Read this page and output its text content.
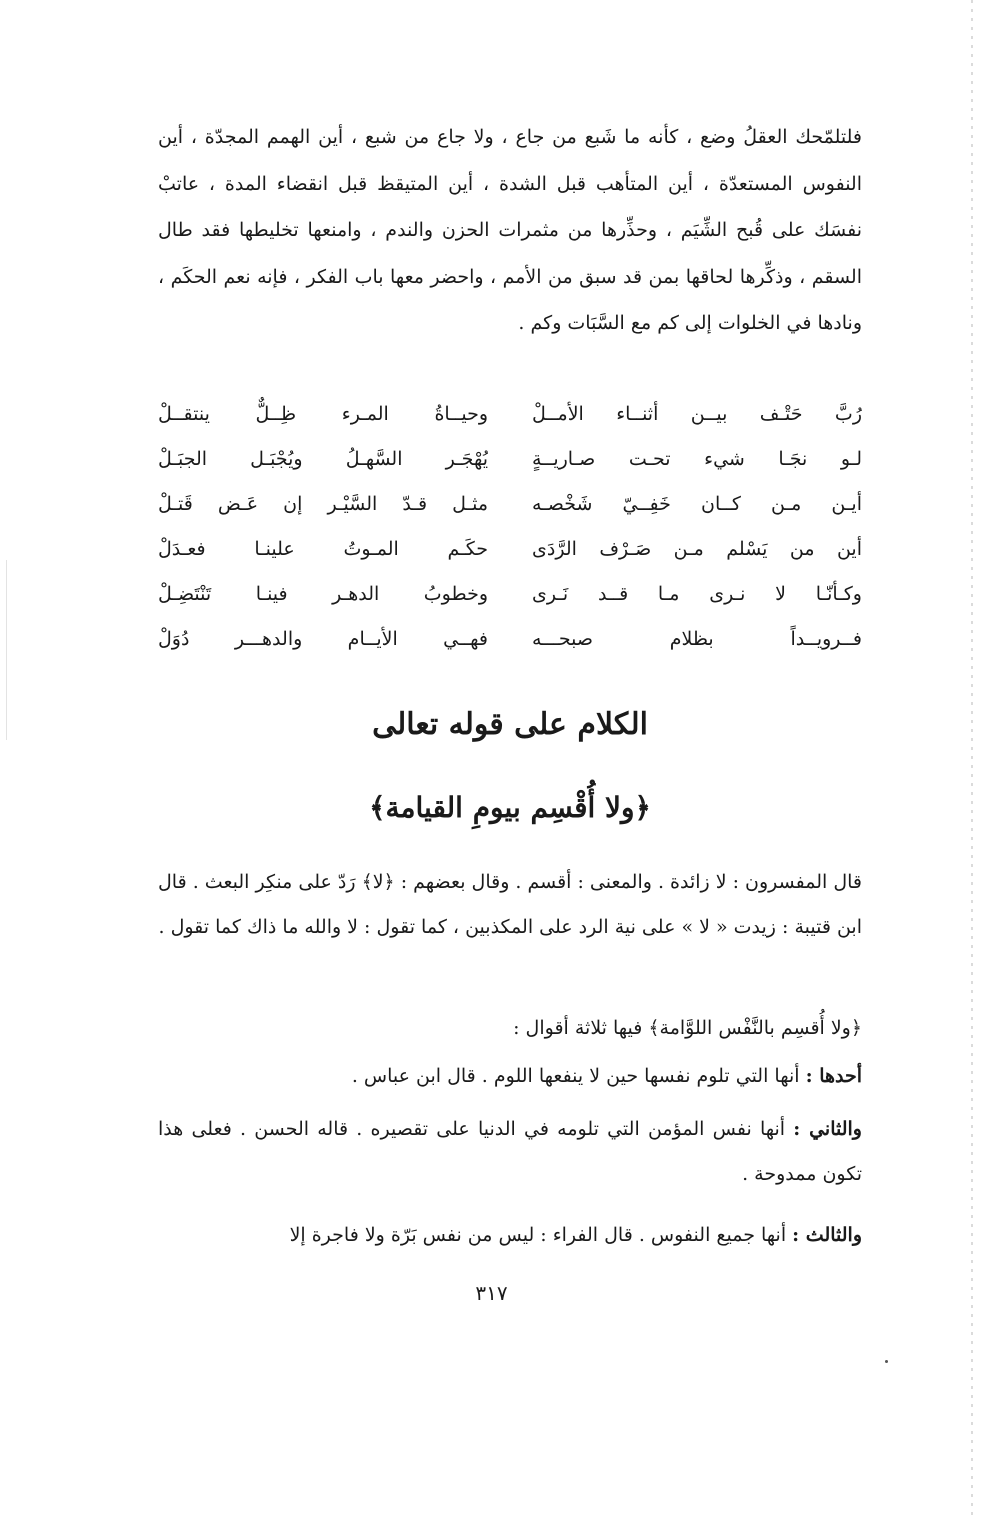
فلتلمّحك العقلُ وضع ، كأنه ما شَبع من جاع ، ولا جاع من شبع ، أين الهمم المجدّة ، أين النفوس المستعدّة ، أين المتأهب قبل الشدة ، أين المتيقظ قبل انقضاء المدة ، عاتبْ نفسَك على قُبح الشِّيَم ، وحذِّرها من مثمرات الحزن والندم ، وامنعها تخليطها فقد طال السقم ، وذكِّرها لحاقها بمن قد سبق من الأمم ، واحضر معها باب الفكر ، فإنه نعم الحكَم ، ونادها في الخلوات إلى كم مع السَّبَات وكم .
رُبَّ حَتْـف بيــن أثنــاء الأمــلْ
وحيــاةُ المـرء ظِــلٌّ ينتقــلْ
لـو نجَـا شيء تحـت صـاريــةٍ
يُهْجَـر السَّهـلُ ويُجْبَـل الجبَـلْ
أيـن مـن كــان خَفِــيّ شَخْصـه
مثـل قـدّ السَّيْـر إن عَـض قَتـلْ
أين من يَسْلم مـن صَـرْف الرَّدَى
حكَـم المـوتُ علينـا فعـدَلْ
وكـأنّـا لا نـرى مـا قــد نَـرى
وخطوبُ الدهـر فينـا تَنْتَضِـلْ
فــرويــداً بظلام صبحـــه
فهــي الأيــام والدهـــر دُوَلْ
الكلام على قوله تعالى
﴿ولا أُقْسِم بيومِ القيامة﴾
قال المفسرون : لا زائدة . والمعنى : أقسم . وقال بعضهم : ﴿لا﴾ رَدّ على منكِر البعث . قال ابن قتيبة : زيدت « لا » على نية الرد على المكذبين ، كما تقول : لا والله ما ذاك كما تقول .
﴿ولا أُقسِم بالنَّفْس اللوَّامة﴾ فيها ثلاثة أقوال :
أحدها : أنها التي تلوم نفسها حين لا ينفعها اللوم . قال ابن عباس .
والثاني : أنها نفس المؤمن التي تلومه في الدنيا على تقصيره . قاله الحسن . فعلى هذا تكون ممدوحة .
والثالث : أنها جميع النفوس . قال الفراء : ليس من نفس بَرّة ولا فاجرة إلا
٣١٧
